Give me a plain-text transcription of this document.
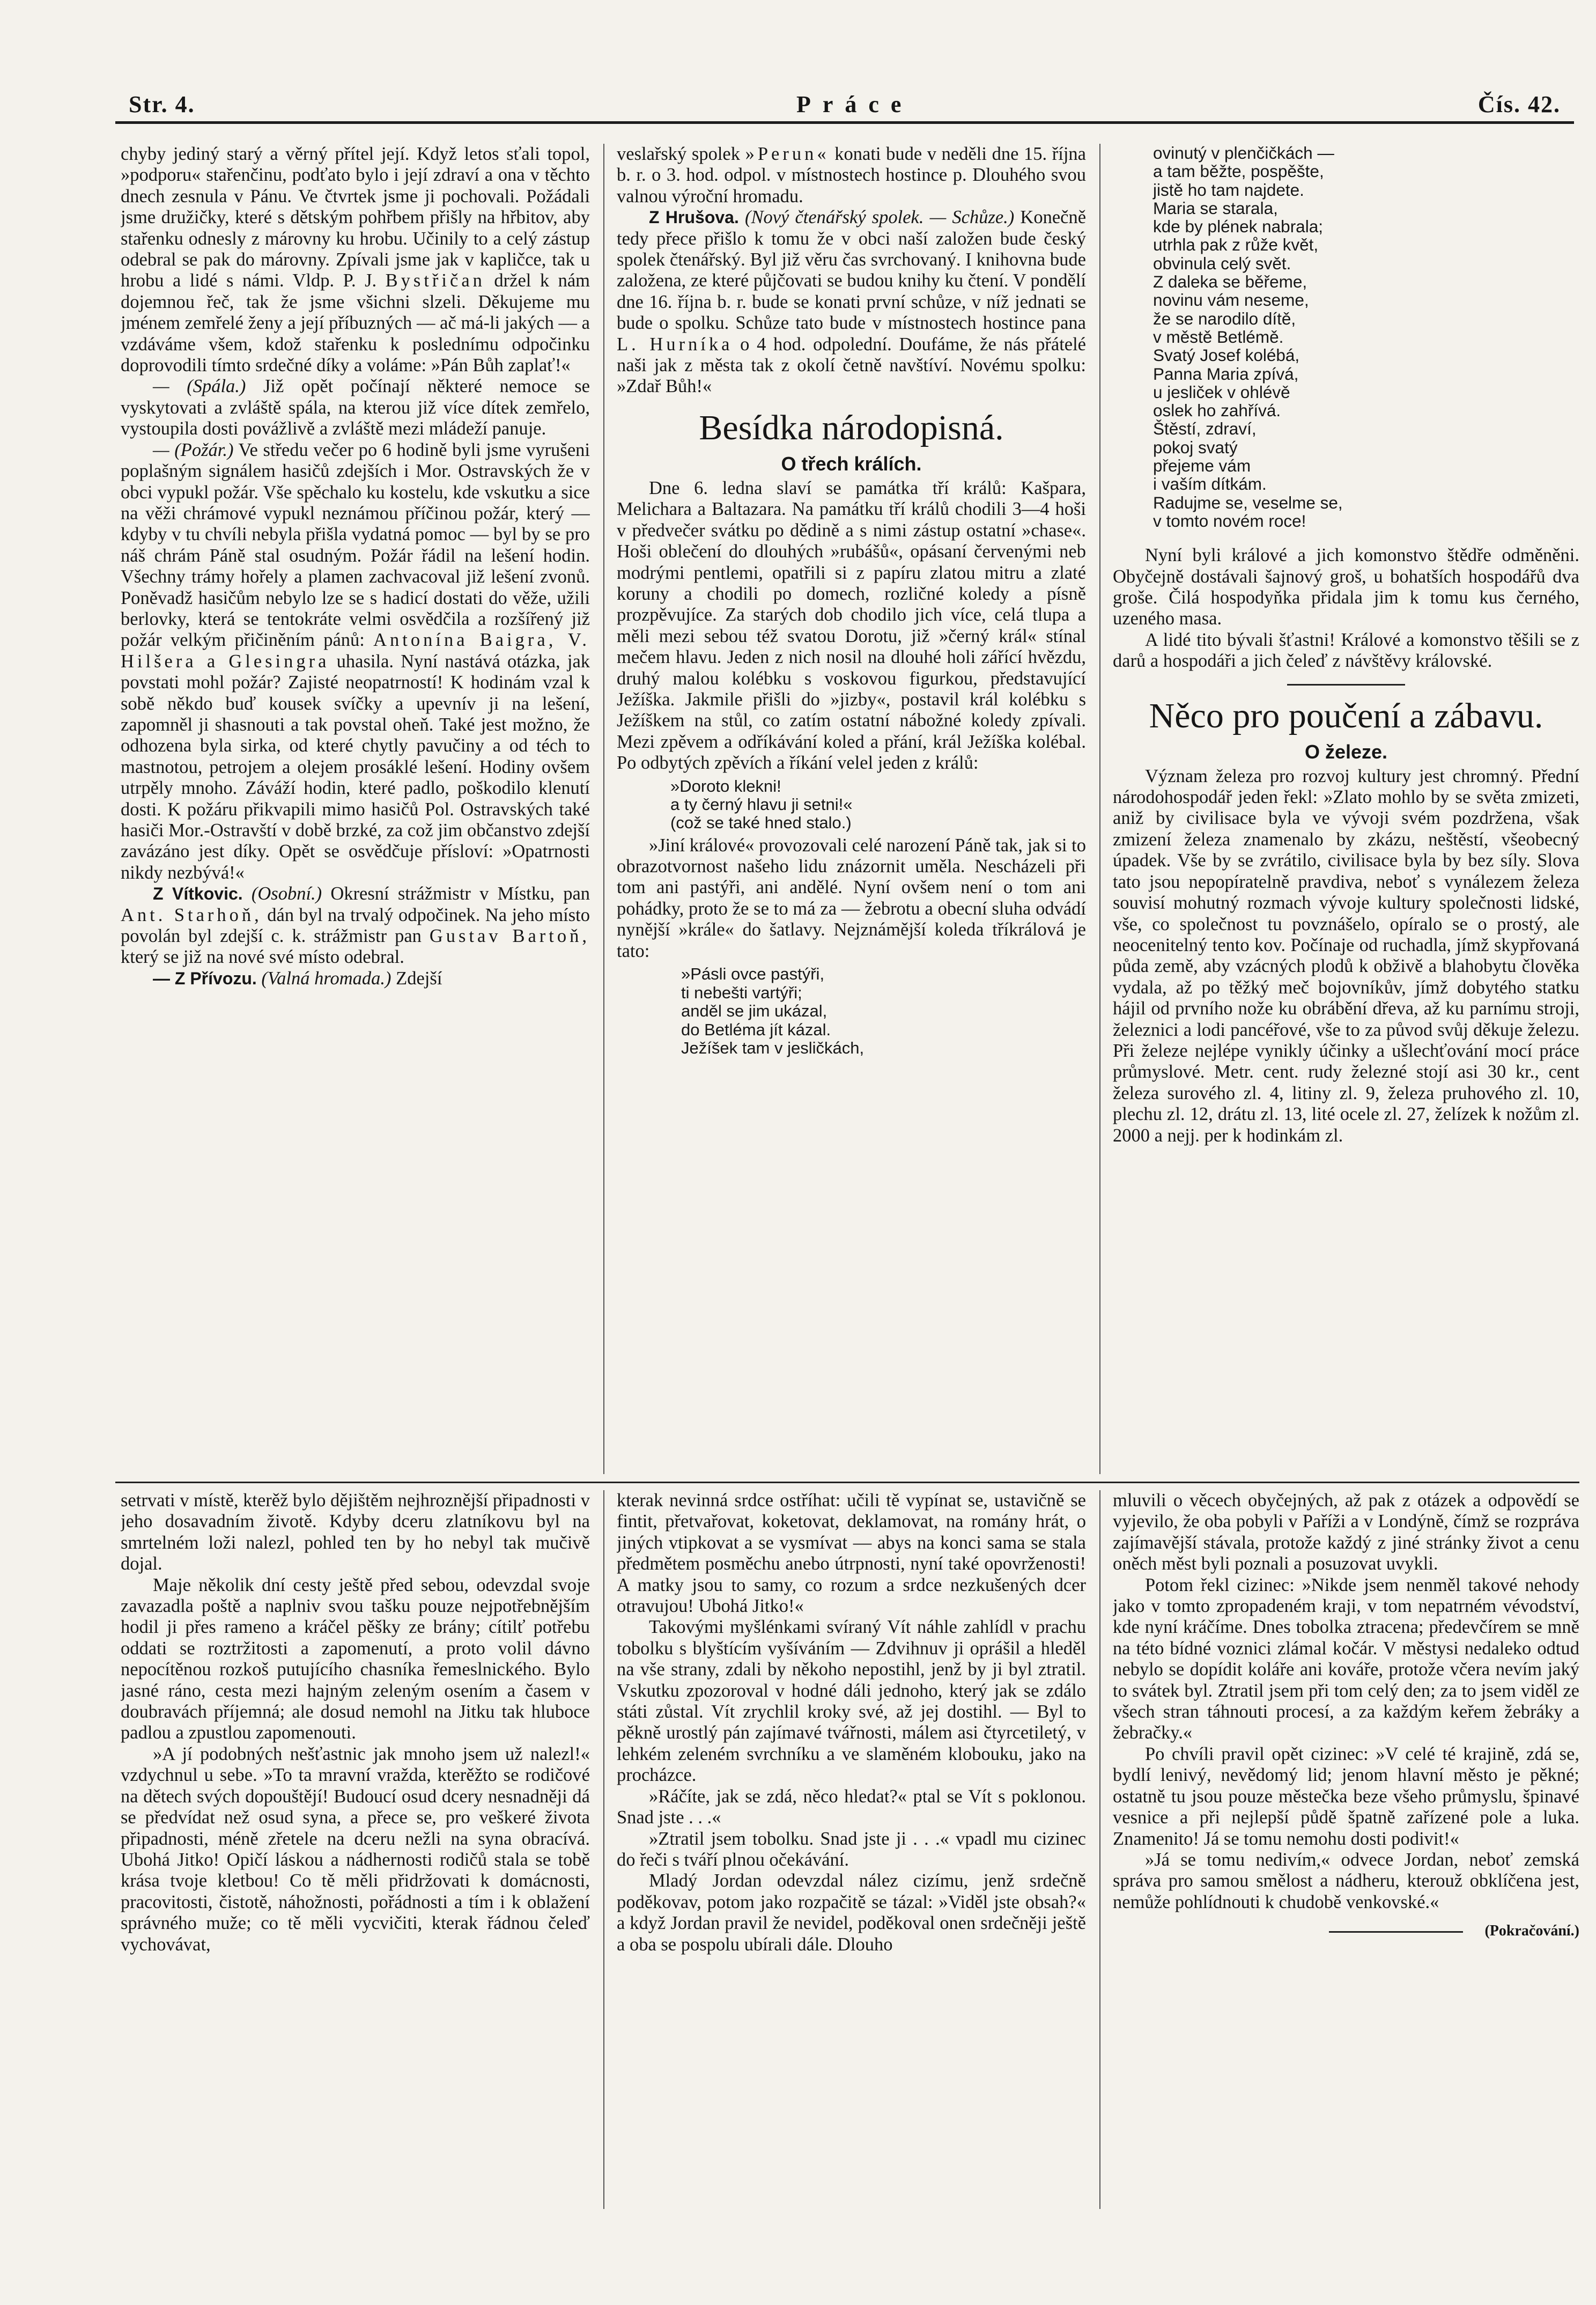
Str. 4.	Práce	Čís. 42.

chyby jediný starý a věrný přítel její. Když letos sťali topol, »podporu« stařenčinu, podťato bylo i její zdraví a ona v těchto dnech zesnula v Pánu. Ve čtvrtek jsme ji pochovali. Požádali jsme družičky, které s dětským pohřbem přišly na hřbitov, aby stařenku odnesly z márovny ku hrobu. Učinily to a celý zástup odebral se pak do márovny. Zpívali jsme jak v kapličce, tak u hrobu a lidé s námi. Vldp. P. J. Bystřičan držel k nám dojemnou řeč, tak že jsme všichni slzeli. Děkujeme mu jménem zemřelé ženy a její příbuzných — ač má-li jakých — a vzdáváme všem, kdož stařenku k poslednímu odpočinku doprovodili tímto srdečné díky a voláme: »Pán Bůh zaplať!«

— (Spála.) Již opět počínají některé nemoce se vyskytovati a zvláště spála, na kterou již více dítek zemřelo, vystoupila dosti povážlivě a zvláště mezi mládeží panuje.

— (Požár.) Ve středu večer po 6 hodině byli jsme vyrušeni poplašným signálem hasičů zdejších i Mor. Ostravských že v obci vypukl požár. Vše spěchalo ku kostelu, kde vskutku a sice na věži chrámové vypukl neznámou příčinou požár, který — kdyby v tu chvíli nebyla přišla vydatná pomoc — byl by se pro náš chrám Páně stal osudným. Požár řádil na lešení hodin. Všechny trámy hořely a plamen zachvacoval již lešení zvonů. Poněvadž hasičům nebylo lze se s hadicí dostati do věže, užili berlovky, která se tentokráte velmi osvědčila a rozšířený již požár velkým přičiněním pánů: Antonína Baigra, V. Hilšera a Glesingra uhasila. Nyní nastává otázka, jak povstati mohl požár? Zajisté neopatrností! K hodinám vzal k sobě někdo buď kousek svíčky a upevnív ji na lešení, zapomněl ji shasnouti a tak povstal oheň. Také jest možno, že odhozena byla sirka, od které chytly pavučiny a od téch to mastnotou, petrojem a olejem prosáklé lešení. Hodiny ovšem utrpěly mnoho. Záváží hodin, které padlo, poškodilo klenutí dosti. K požáru přikvapili mimo hasičů Pol. Ostravských také hasiči Mor.-Ostravští v době brzké, za což jim občanstvo zdejší zavázáno jest díky. Opět se osvědčuje přísloví: »Opatrnosti nikdy nezbývá!«

Z Vítkovic. (Osobní.) Okresní strážmistr v Místku, pan Ant. Starhoň, dán byl na trvalý odpočinek. Na jeho místo povolán byl zdejší c. k. strážmistr pan Gustav Bartoň, který se již na nové své místo odebral.

— Z Přívozu. (Valná hromada.) Zdejší

veslařský spolek »Perun« konati bude v neděli dne 15. října b. r. o 3. hod. odpol. v místnostech hostince p. Dlouhého svou valnou výroční hromadu.

Z Hrušova. (Nový čtenářský spolek. — Schůze.) Konečně tedy přece přišlo k tomu že v obci naší založen bude český spolek čtenářský. Byl již věru čas svrchovaný. I knihovna bude založena, ze které půjčovati se budou knihy ku čtení. V pondělí dne 16. října b. r. bude se konati první schůze, v níž jednati se bude o spolku. Schůze tato bude v místnostech hostince pana L. Hurníka o 4 hod. odpolední. Doufáme, že nás přátelé naši jak z města tak z okolí četně navštíví. Novému spolku: »Zdař Bůh!«

Besídka národopisná.
O třech králích.

Dne 6. ledna slaví se památka tří králů: Kašpara, Melichara a Baltazara. Na památku tří králů chodili 3—4 hoši v předvečer svátku po dědině a s nimi zástup ostatní »chase«. Hoši oblečení do dlouhých »rubášů«, opásaní červenými neb modrými pentlemi, opatřili si z papíru zlatou mitru a zlaté koruny a chodili po domech, rozličné koledy a písně prozpěvujíce. Za starých dob chodilo jich více, celá tlupa a měli mezi sebou též svatou Dorotu, již »černý král« stínal mečem hlavu. Jeden z nich nosil na dlouhé holi zářící hvězdu, druhý malou kolébku s voskovou figurkou, představující Ježíška. Jakmile přišli do »jizby«, postavil král kolébku s Ježíškem na stůl, co zatím ostatní nábožné koledy zpívali. Mezi zpěvem a odříkávání koled a přání, král Ježíška kolébal. Po odbytých zpěvích a říkání velel jeden z králů:

»Doroto klekni!
a ty černý hlavu ji setni!«
(což se také hned stalo.)

»Jiní králové« provozovali celé narození Páně tak, jak si to obrazotvornost našeho lidu znázornit uměla. Nescházeli při tom ani pastýři, ani andělé. Nyní ovšem není o tom ani pohádky, proto že se to má za — žebrotu a obecní sluha odvádí nynější »krále« do šatlavy. Nejznámější koleda tříkrálová je tato:

»Pásli ovce pastýři,
ti nebešti vartýři;
anděl se jim ukázal,
do Betléma jít kázal.
Ježíšek tam v jesličkách,
ovinutý v plenčičkách —
a tam běžte, pospěšte,
jistě ho tam najdete.
Maria se starala,
kde by plének nabrala;
utrhla pak z růže květ,
obvinula celý svět.
Z daleka se běřeme,
novinu vám neseme,
že se narodilo dítě,
v městě Betlémě.
Svatý Josef kolébá,
Panna Maria zpívá,
u jesliček v ohlévě
oslek ho zahřívá.
Štěstí, zdraví,
pokoj svatý
přejeme vám
i vaším dítkám.
Radujme se, veselme se,
v tomto novém roce!

Nyní byli králové a jich komonstvo štědře odměněni. Obyčejně dostávali šajnový groš, u bohatších hospodářů dva groše. Čilá hospodyňka přidala jim k tomu kus černého, uzeného masa.

A lidé tito bývali šťastni! Králové a komonstvo těšili se z darů a hospodáři a jich čeleď z návštěvy královské.

Něco pro poučení a zábavu.
O železe.

Význam železa pro rozvoj kultury jest chromný. Přední národohospodář jeden řekl: »Zlato mohlo by se světa zmizeti, aniž by civilisace byla ve vývoji svém pozdržena, však zmizení železa znamenalo by zkázu, neštěstí, všeobecný úpadek. Vše by se zvrátilo, civilisace byla by bez síly. Slova tato jsou nepopíratelně pravdiva, neboť s vynálezem železa souvisí mohutný rozmach vývoje kultury společnosti lidské, vše, co společnost tu povznášelo, opíralo se o prostý, ale neocenitelný tento kov. Počínaje od ruchadla, jímž skypřovaná půda země, aby vzácných plodů k obživě a blahobytu člověka vydala, až po těžký meč bojovníkův, jímž dobytého statku hájil od prvního nože ku obrábění dřeva, až ku parnímu stroji, železnici a lodi pancéřové, vše to za původ svůj děkuje železu. Při železe nejlépe vynikly účinky a ušlechťování mocí práce průmyslové. Metr. cent. rudy železné stojí asi 30 kr., cent železa surového zl. 4, litiny zl. 9, železa pruhového zl. 10, plechu zl. 12, drátu zl. 13, lité ocele zl. 27, želízek k nožům zl. 2000 a nejj. per k hodinkám zl.

setrvati v místě, kterěž bylo dějištěm nejhroznější připadnosti v jeho dosavadním životě. Kdyby dceru zlatníkovu byl na smrtelném loži nalezl, pohled ten by ho nebyl tak mučivě dojal.

Maje několik dní cesty ještě před sebou, odevzdal svoje zavazadla poště a naplniv svou tašku pouze nejpotřebnějším hodil ji přes rameno a kráčel pěšky ze brány; cítilť potřebu oddati se roztržitosti a zapomenutí, a proto volil dávno nepocítěnou rozkoš putujícího chasníka řemeslnického. Bylo jasné ráno, cesta mezi hajným zeleným osením a časem v doubravách příjemná; ale dosud nemohl na Jitku tak hluboce padlou a zpustlou zapomenouti.

»A jí podobných nešťastnic jak mnoho jsem už nalezl!« vzdychnul u sebe. »To ta mravní vražda, kterěžto se rodičové na dětech svých dopouštějí! Budoucí osud dcery nesnadněji dá se předvídat než osud syna, a přece se, pro veškeré života připadnosti, méně zřetele na dceru nežli na syna obracívá. Ubohá Jitko! Opičí láskou a nádhernosti rodičů stala se tobě krása tvoje kletbou! Co tě měli přidržovati k domácnosti, pracovitosti, čistotě, náhožnosti, pořádnosti a tím i k oblažení správného muže; co tě měli vycvičiti, kterak řádnou čeleď vychovávat,

kterak nevinná srdce ostříhat: učili tě vypínat se, ustavičně se fintit, přetvařovat, koketovat, deklamovat, na romány hrát, o jiných vtipkovat a se vysmívat — abys na konci sama se stala předmětem posměchu anebo útrpnosti, nyní také opovrženosti! A matky jsou to samy, co rozum a srdce nezkušených dcer otravujou! Ubohá Jitko!«

Takovými myšlénkami svíraný Vít náhle zahlídl v prachu tobolku s blyštícím vyšíváním — Zdvihnuv ji oprášil a hleděl na vše strany, zdali by někoho nepostihl, jenž by ji byl ztratil. Vskutku zpozoroval v hodné dáli jednoho, který jak se zdálo státi zůstal. Vít zrychlil kroky své, až jej dostihl. — Byl to pěkně urostlý pán zajímavé tvářnosti, málem asi čtyrcetiletý, v lehkém zeleném svrchníku a ve slaměném klobouku, jako na procházce.

»Ráčíte, jak se zdá, něco hledat?« ptal se Vít s poklonou. Snad jste . . .«

»Ztratil jsem tobolku. Snad jste ji . . .« vpadl mu cizinec do řeči s tváří plnou očekávání.

Mladý Jordan odevzdal nález cizímu, jenž srdečně poděkovav, potom jako rozpačitě se tázal: »Viděl jste obsah?« a když Jordan pravil že nevidel, poděkoval onen srdečněji ještě a oba se pospolu ubírali dále. Dlouho

mluvili o věcech obyčejných, až pak z otázek a odpovědí se vyjevilo, že oba pobyli v Paříži a v Londýně, čímž se rozpráva zajímavější stávala, protože každý z jiné stránky život a cenu oněch měst byli poznali a posuzovat uvykli.

Potom řekl cizinec: »Nikde jsem nenměl takové nehody jako v tomto zpropadeném kraji, v tom nepatrném vévodství, kde nyní kráčíme. Dnes tobolka ztracena; předevčírem se mně na této bídné voznici zlámal kočár. V městysi nedaleko odtud nebylo se dopídit koláře ani kováře, protože včera nevím jaký to svátek byl. Ztratil jsem při tom celý den; za to jsem viděl ze všech stran táhnouti procesí, a za každým keřem žebráky a žebračky.«

Po chvíli pravil opět cizinec: »V celé té krajině, zdá se, bydlí lenivý, nevědomý lid; jenom hlavní město je pěkné; ostatně tu jsou pouze městečka beze všeho průmyslu, špinavé vesnice a při nejlepší půdě špatně zařízené pole a luka. Znamenito! Já se tomu nemohu dosti podivit!«

»Já se tomu nedivím,« odvece Jordan, neboť zemská správa pro samou smělost a nádheru, kterouž obklíčena jest, nemůže pohlídnouti k chudobě venkovské.«

(Pokračování.)
